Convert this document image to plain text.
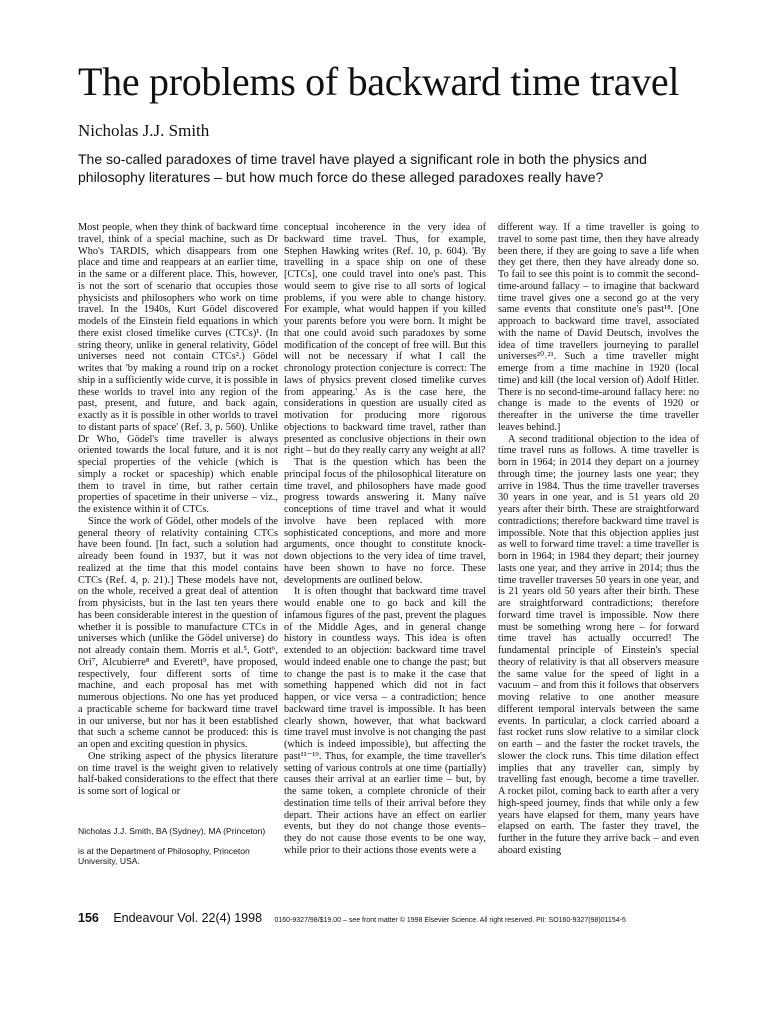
The problems of backward time travel
Nicholas J.J. Smith
The so-called paradoxes of time travel have played a significant role in both the physics and philosophy literatures – but how much force do these alleged paradoxes really have?

Most people, when they think of backward time travel, think of a special machine, such as Dr Who's TARDIS, which disappears from one place and time and reappears at an earlier time, in the same or a different place. This, however, is not the sort of scenario that occupies those physicists and philosophers who work on time travel. In the 1940s, Kurt Gödel discovered models of the Einstein field equations in which there exist closed timelike curves (CTCs)¹. (In string theory, unlike in general relativity, Gödel universes need not contain CTCs².) Gödel writes that 'by making a round trip on a rocket ship in a sufficiently wide curve, it is possible in these worlds to travel into any region of the past, present, and future, and back again, exactly as it is possible in other worlds to travel to distant parts of space' (Ref. 3, p. 560). Unlike Dr Who, Gödel's time traveller is always oriented towards the local future, and it is not special properties of the vehicle (which is simply a rocket or spaceship) which enable them to travel in time, but rather certain properties of spacetime in their universe – viz., the existence within it of CTCs.

Since the work of Gödel, other models of the general theory of relativity containing CTCs have been found. [In fact, such a solution had already been found in 1937, but it was not realized at the time that this model contains CTCs (Ref. 4, p. 21).] These models have not, on the whole, received a great deal of attention from physicists, but in the last ten years there has been considerable interest in the question of whether it is possible to manufacture CTCs in universes which (unlike the Gödel universe) do not already contain them. Morris et al.⁵, Gott⁶, Ori⁷, Alcubierre⁸ and Everett⁹, have proposed, respectively, four different sorts of time machine, and each proposal has met with numerous objections. No one has yet produced a practicable scheme for backward time travel in our universe, but nor has it been established that such a scheme cannot be produced: this is an open and exciting question in physics.

One striking aspect of the physics literature on time travel is the weight given to relatively half-baked considerations to the effect that there is some sort of logical or

Nicholas J.J. Smith, BA (Sydney), MA (Princeton)

is at the Department of Philosophy, Princeton University, USA.

conceptual incoherence in the very idea of backward time travel. Thus, for example, Stephen Hawking writes (Ref. 10, p. 604). 'By travelling in a space ship on one of these [CTCs], one could travel into one's past. This would seem to give rise to all sorts of logical problems, if you were able to change history. For example, what would happen if you killed your parents before you were born. It might be that one could avoid such paradoxes by some modification of the concept of free will. But this will not be necessary if what I call the chronology protection conjecture is correct: The laws of physics prevent closed timelike curves from appearing.' As is the case here, the considerations in question are usually cited as motivation for producing more rigorous objections to backward time travel, rather than presented as conclusive objections in their own right – but do they really carry any weight at all?

That is the question which has been the principal focus of the philosophical literature on time travel, and philosophers have made good progress towards answering it. Many naïve conceptions of time travel and what it would involve have been replaced with more sophisticated conceptions, and more and more arguments, once thought to constitute knock-down objections to the very idea of time travel, have been shown to have no force. These developments are outlined below.

It is often thought that backward time travel would enable one to go back and kill the infamous figures of the past, prevent the plagues of the Middle Ages, and in general change history in countless ways. This idea is often extended to an objection: backward time travel would indeed enable one to change the past; but to change the past is to make it the case that something happened which did not in fact happen, or vice versa – a contradiction; hence backward time travel is impossible. It has been clearly shown, however, that what backward time travel must involve is not changing the past (which is indeed impossible), but affecting the past¹¹⁻¹⁹. Thus, for example, the time traveller's setting of various controls at one time (partially) causes their arrival at an earlier time – but, by the same token, a complete chronicle of their destination time tells of their arrival before they depart. Their actions have an effect on earlier events, but they do not change those events– they do not cause those events to be one way, while prior to their actions those events were a

different way. If a time traveller is going to travel to some past time, then they have already been there, if they are going to save a life when they get there, then they have already done so. To fail to see this point is to commit the second-time-around fallacy – to imagine that backward time travel gives one a second go at the very same events that constitute one's past¹⁸. [One approach to backward time travel, associated with the name of David Deutsch, involves the idea of time travellers journeying to parallel universes²⁰˒²¹. Such a time traveller might emerge from a time machine in 1920 (local time) and kill (the local version of) Adolf Hitler. There is no second-time-around fallacy here: no change is made to the events of 1920 or thereafter in the universe the time traveller leaves behind.]

A second traditional objection to the idea of time travel runs as follows. A time traveller is born in 1964; in 2014 they depart on a journey through time; the journey lasts one year; they arrive in 1984. Thus the time traveller traverses 30 years in one year, and is 51 years old 20 years after their birth. These are straightforward contradictions; therefore backward time travel is impossible. Note that this objection applies just as well to forward time travel: a time traveller is born in 1964; in 1984 they depart; their journey lasts one year, and they arrive in 2014; thus the time traveller traverses 50 years in one year, and is 21 years old 50 years after their birth. These are straightforward contradictions; therefore forward time travel is impossible. Now there must be something wrong here – for forward time travel has actually occurred! The fundamental principle of Einstein's special theory of relativity is that all observers measure the same value for the speed of light in a vacuum – and from this it follows that observers moving relative to one another measure different temporal intervals between the same events. In particular, a clock carried aboard a fast rocket runs slow relative to a similar clock on earth – and the faster the rocket travels, the slower the clock runs. This time dilation effect implies that any traveller can, simply by travelling fast enough, become a time traveller. A rocket pilot, coming back to earth after a very high-speed journey, finds that while only a few years have elapsed for them, many years have elapsed on earth. The faster they travel, the further in the future they arrive back – and even aboard existing

156 Endeavour Vol. 22(4) 1998 0160-9327/98/$19.00 – see front matter © 1998 Elsevier Science. All right reserved. PII: SO160-9327(98)01154-5
